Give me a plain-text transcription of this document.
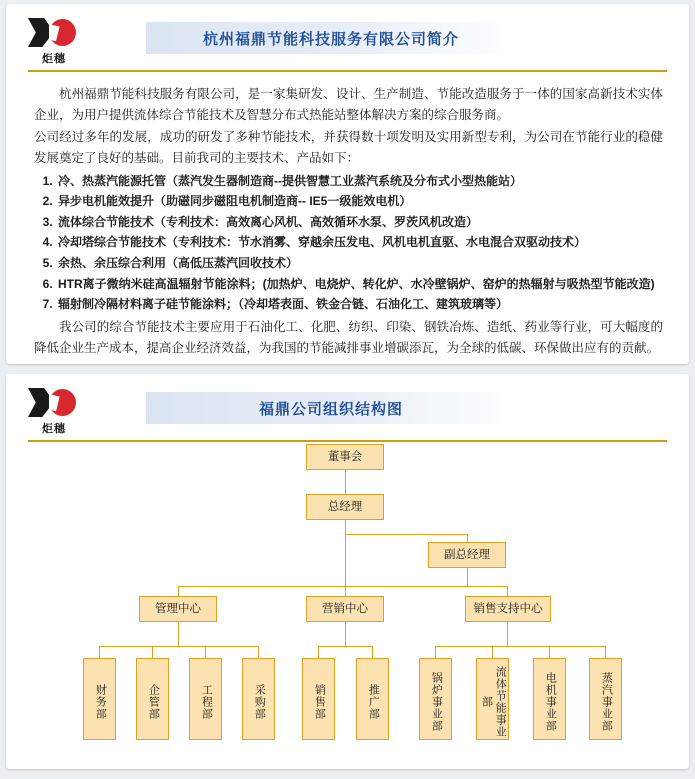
炬穗
杭州福鼎节能科技服务有限公司简介

杭州福鼎节能科技服务有限公司，是一家集研发、设计、生产制造、节能改造服务于一体的国家高新技术实体企业，为用户提供流体综合节能技术及智慧分布式热能站整体解决方案的综合服务商。

公司经过多年的发展，成功的研发了多种节能技术，并获得数十项发明及实用新型专利，为公司在节能行业的稳健发展奠定了良好的基础。目前我司的主要技术、产品如下：

1. 冷、热蒸汽能源托管（蒸汽发生器制造商--提供智慧工业蒸汽系统及分布式小型热能站）
2. 异步电机能效提升（助磁同步磁阻电机制造商-- IE5一级能效电机）
3. 流体综合节能技术（专利技术：高效离心风机、高效循环水泵、罗茨风机改造）
4. 冷却塔综合节能技术（专利技术：节水消雾、穿越余压发电、风机电机直驱、水电混合双驱动技术）
5. 余热、余压综合利用（高低压蒸汽回收技术）
6. HTR离子微纳米硅高温辐射节能涂料；(加热炉、电烧炉、转化炉、水冷壁锅炉、窑炉的热辐射与吸热型节能改造)
7. 辐射制冷隔材料离子硅节能涂料；（冷却塔表面、铁金合链、石油化工、建筑玻璃等）

我公司的综合节能技术主要应用于石油化工、化肥、纺织、印染、钢铁冶炼、造纸、药业等行业，可大幅度的降低企业生产成本，提高企业经济效益，为我国的节能减排事业增碳添瓦，为全球的低碳、环保做出应有的贡献。

炬穗
福鼎公司组织结构图
董事会
总经理
副总经理
管理中心	营销中心	销售支持中心
财务部	企管部	工程部	采购部	销售部	推广部	锅炉事业部	流体节能事业部	电机事业部	蒸汽事业部
